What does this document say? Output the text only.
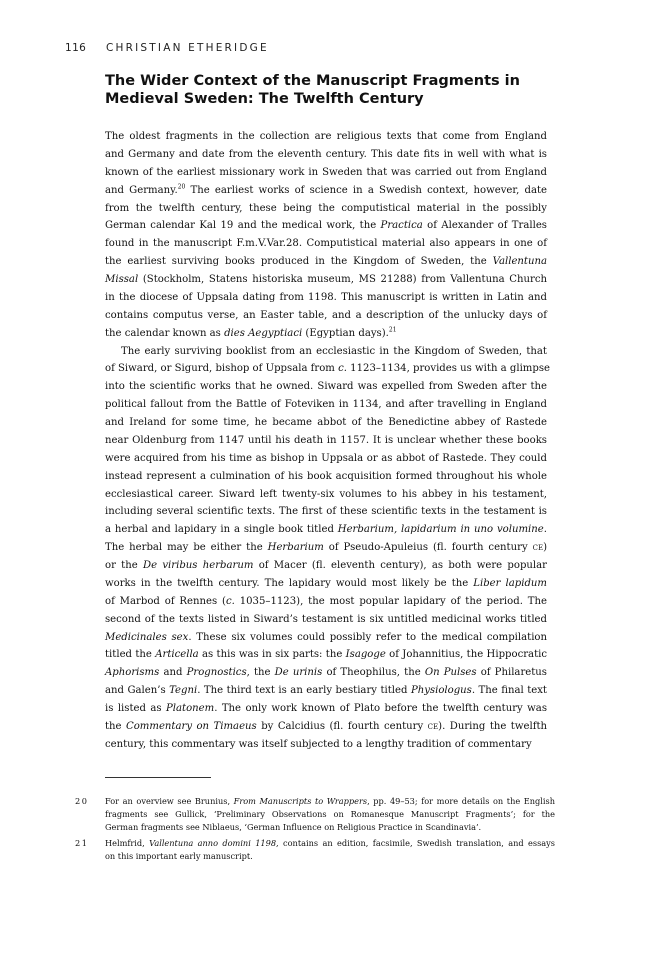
116 CHRISTIAN ETHERIDGE
The Wider Context of the Manuscript Fragments in Medieval Sweden: The Twelfth Century
The oldest fragments in the collection are religious texts that come from England
and Germany and date from the eleventh century. This date fits in well with what is
known of the earliest missionary work in Sweden that was carried out from England
and Germany.$^{20}$ The earliest works of science in a Swedish context, however, date
from the twelfth century, these being the computistical material in the possibly
German calendar Kal 19 and the medical work, the Practica of Alexander of Tralles
found in the manuscript F.m.V.Var.28. Computistical material also appears in one of
the earliest surviving books produced in the Kingdom of Sweden, the Vallentuna
Missal (Stockholm, Statens historiska museum, MS 21288) from Vallentuna Church
in the diocese of Uppsala dating from 1198. This manuscript is written in Latin and
contains computus verse, an Easter table, and a description of the unlucky days of
the calendar known as dies Aegyptiaci (Egyptian days).$^{21}$
The early surviving booklist from an ecclesiastic in the Kingdom of Sweden, that
of Siward, or Sigurd, bishop of Uppsala from c. 1123–1134, provides us with a glimpse
into the scientific works that he owned. Siward was expelled from Sweden after the
political fallout from the Battle of Foteviken in 1134, and after travelling in England
and Ireland for some time, he became abbot of the Benedictine abbey of Rastede
near Oldenburg from 1147 until his death in 1157. It is unclear whether these books
were acquired from his time as bishop in Uppsala or as abbot of Rastede. They could
instead represent a culmination of his book acquisition formed throughout his whole
ecclesiastical career. Siward left twenty-six volumes to his abbey in his testament,
including several scientific texts. The first of these scientific texts in the testament is
a herbal and lapidary in a single book titled Herbarium, lapidarium in uno volumine.
The herbal may be either the Herbarium of Pseudo-Apuleius (fl. fourth century ce)
or the De viribus herbarum of Macer (fl. eleventh century), as both were popular
works in the twelfth century. The lapidary would most likely be the Liber lapidum
of Marbod of Rennes (c. 1035–1123), the most popular lapidary of the period. The
second of the texts listed in Siward’s testament is six untitled medicinal works titled
Medicinales sex. These six volumes could possibly refer to the medical compilation
titled the Articella as this was in six parts: the Isagoge of Johannitius, the Hippocratic
Aphorisms and Prognostics, the De urinis of Theophilus, the On Pulses of Philaretus
and Galen’s Tegni. The third text is an early bestiary titled Physiologus. The final text
is listed as Platonem. The only work known of Plato before the twelfth century was
the Commentary on Timaeus by Calcidius (fl. fourth century ce). During the twelfth
century, this commentary was itself subjected to a lengthy tradition of commentary
20 For an overview see Brunius, From Manuscripts to Wrappers, pp. 49–53; for more details on the English
fragments see Gullick, ‘Preliminary Observations on Romanesque Manuscript Fragments’; for the
German fragments see Niblaeus, ‘German Influence on Religious Practice in Scandinavia’.
21 Helmfrid, Vallentuna anno domini 1198, contains an edition, facsimile, Swedish translation, and essays
on this important early manuscript.
